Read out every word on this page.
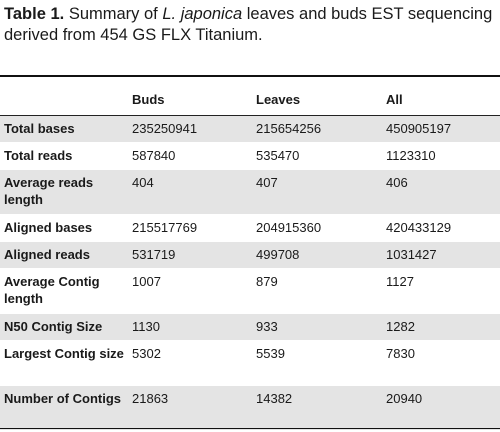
Table 1. Summary of L. japonica leaves and buds EST sequencing derived from 454 GS FLX Titanium.

	Buds	Leaves	All
Total bases	235250941	215654256	450905197
Total reads	587840	535470	1123310
Average reads length	404	407	406
Aligned bases	215517769	204915360	420433129
Aligned reads	531719	499708	1031427
Average Contig length	1007	879	1127
N50 Contig Size	1130	933	1282
Largest Contig size	5302	5539	7830
Number of Contigs	21863	14382	20940
